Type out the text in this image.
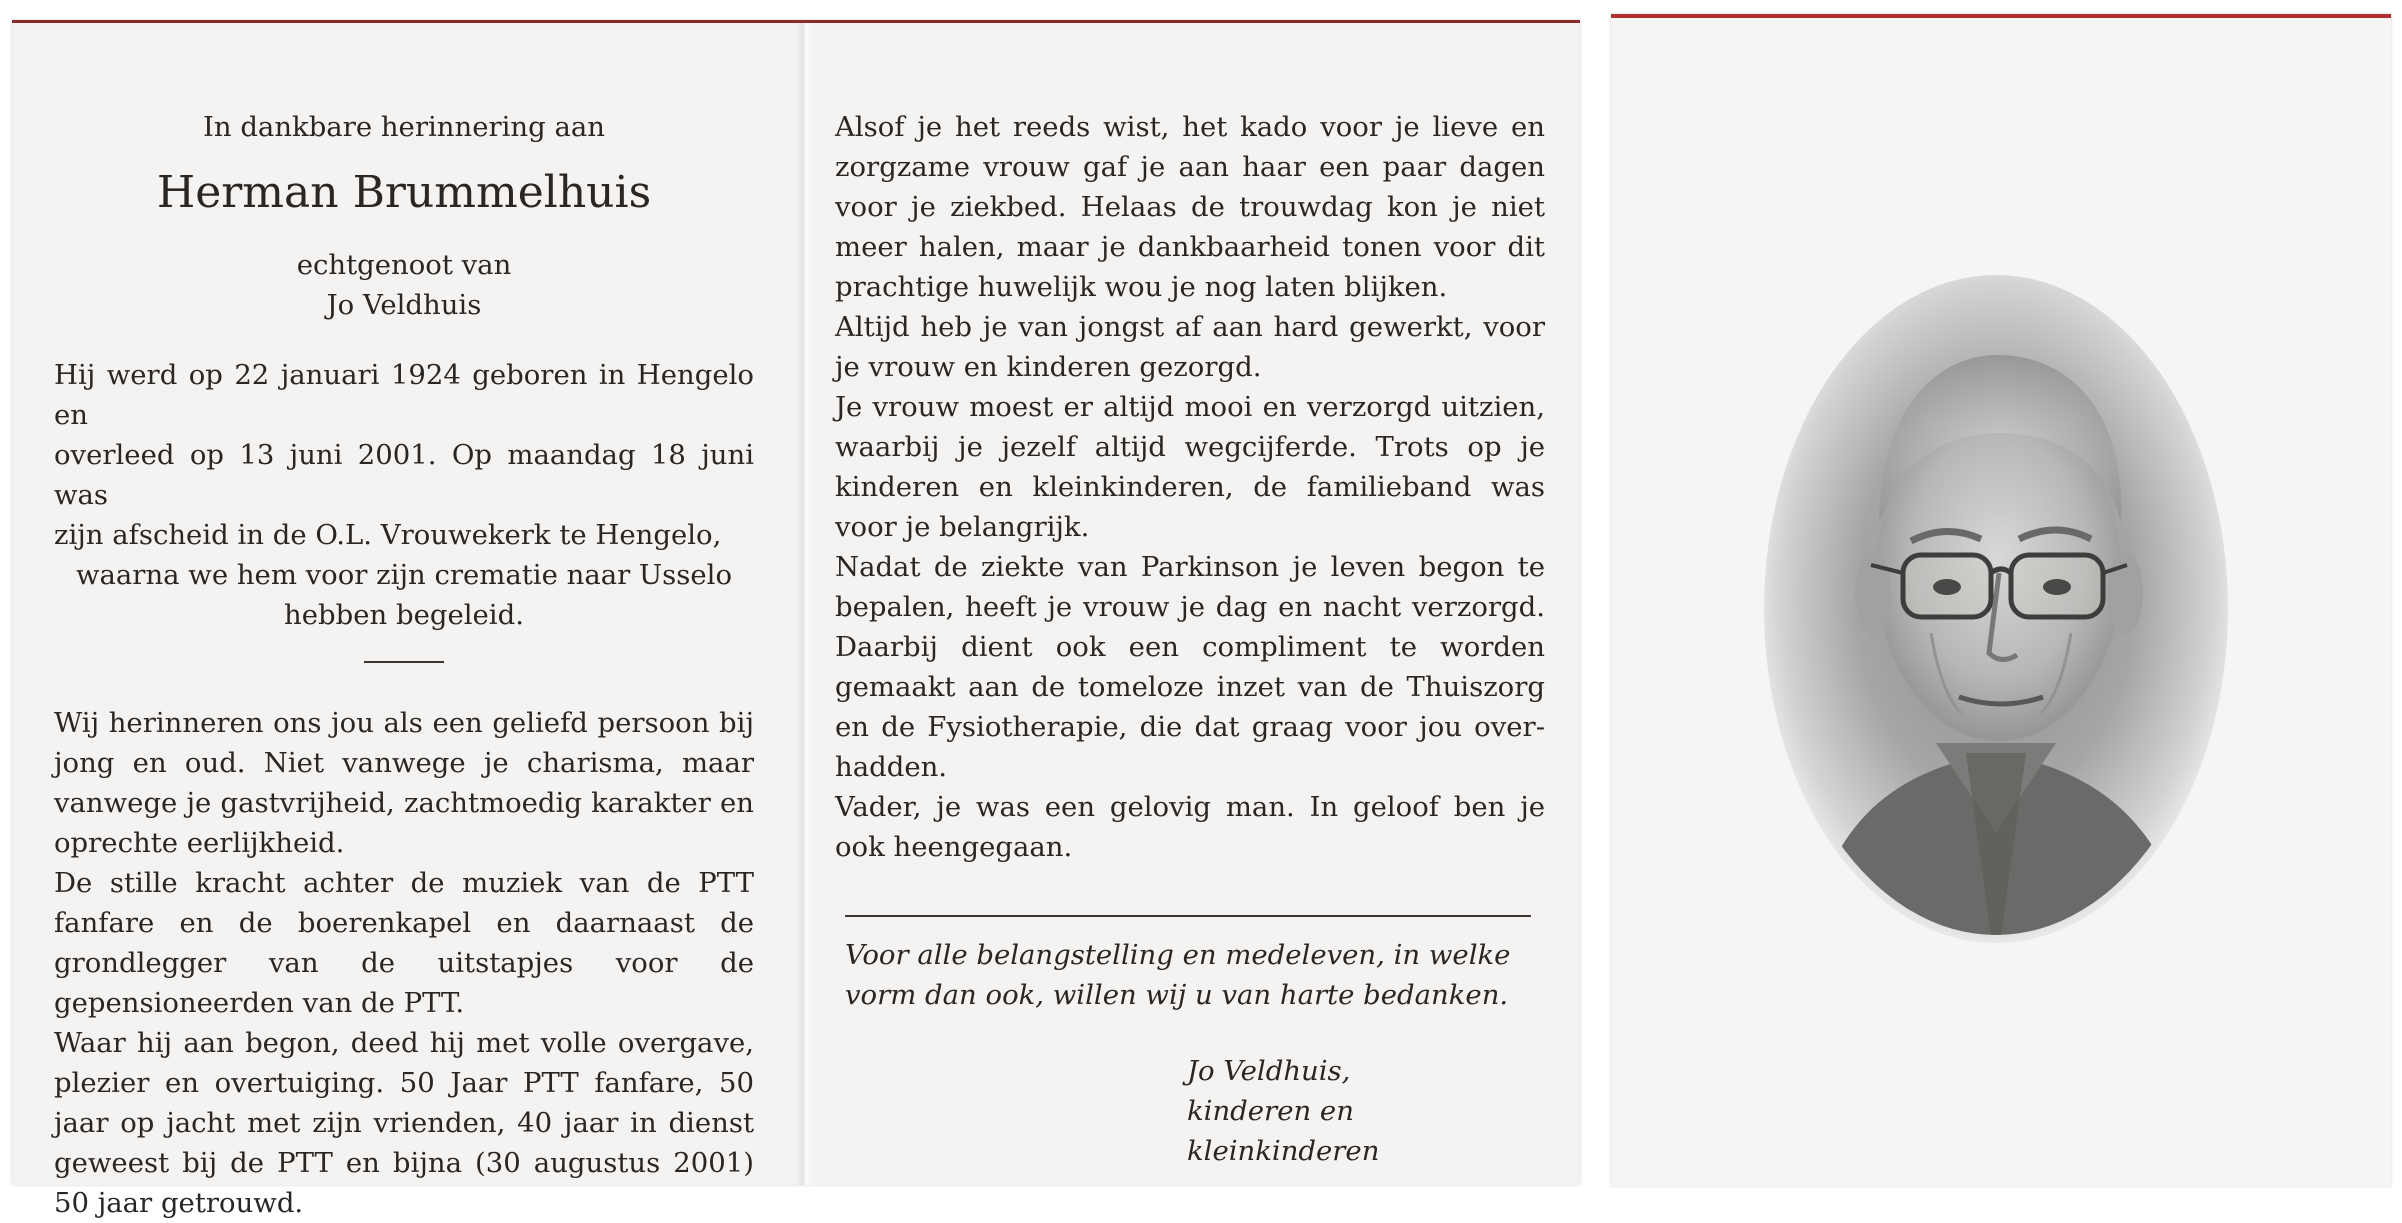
In dankbare herinnering aan

Herman Brummelhuis

echtgenoot van

Jo Veldhuis

Hij werd op 22 januari 1924 geboren in Hengelo en

overleed op 13 juni 2001. Op maandag 18 juni was

zijn afscheid in de O.L. Vrouwekerk te Hengelo,

waarna we hem voor zijn crematie naar Usselo

hebben begeleid.

Wij herinneren ons jou als een geliefd persoon bij jong en oud. Niet vanwege je charisma, maar vanwege je gastvrijheid, zachtmoedig karakter en oprechte eerlijkheid.

De stille kracht achter de muziek van de PTT fanfare en de boerenkapel en daarnaast de grondlegger van de uitstapjes voor de gepensioneerden van de PTT.

Waar hij aan begon, deed hij met volle overgave, plezier en overtuiging. 50 Jaar PTT fanfare, 50 jaar op jacht met zijn vrienden, 40 jaar in dienst geweest bij de PTT en bijna (30 augustus 2001) 50 jaar getrouwd.

Alsof je het reeds wist, het kado voor je lieve en zorgzame vrouw gaf je aan haar een paar dagen voor je ziekbed. Helaas de trouwdag kon je niet meer halen, maar je dankbaarheid tonen voor dit prachtige huwelijk wou je nog laten blijken.

Altijd heb je van jongst af aan hard gewerkt, voor je vrouw en kinderen gezorgd.

Je vrouw moest er altijd mooi en verzorgd uitzien, waarbij je jezelf altijd wegcijferde. Trots op je kinderen en kleinkinderen, de familieband was voor je belangrijk.

Nadat de ziekte van Parkinson je leven begon te bepalen, heeft je vrouw je dag en nacht verzorgd. Daarbij dient ook een compliment te worden gemaakt aan de tomeloze inzet van de Thuiszorg en de Fysiotherapie, die dat graag voor jou overhadden.

Vader, je was een gelovig man. In geloof ben je ook heengegaan.

Voor alle belangstelling en medeleven, in welke vorm dan ook, willen wij u van harte bedanken.

Jo Veldhuis,

kinderen en kleinkinderen
